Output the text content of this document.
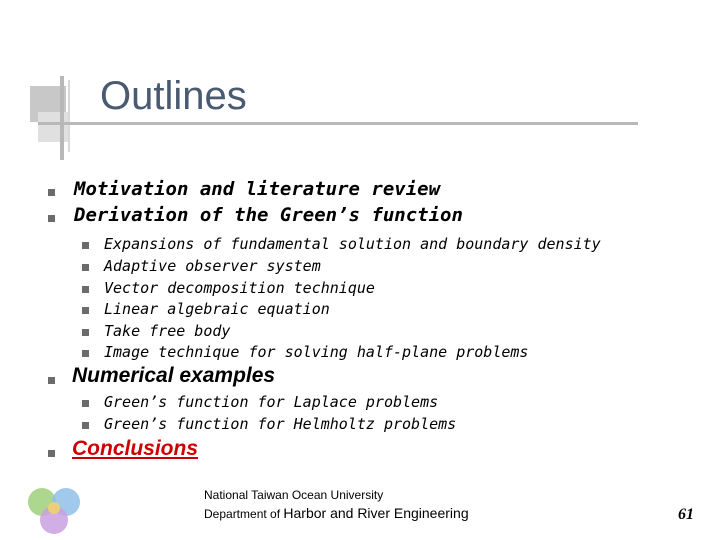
Outlines
Motivation and literature review
Derivation of the Green’s function
Expansions of fundamental solution and boundary density
Adaptive observer system
Vector decomposition technique
Linear algebraic equation
Take free body
Image technique for solving half-plane problems
Numerical examples
Green’s function for Laplace problems
Green’s function for Helmholtz problems
Conclusions
National Taiwan Ocean University
Department of Harbor and River Engineering	61
